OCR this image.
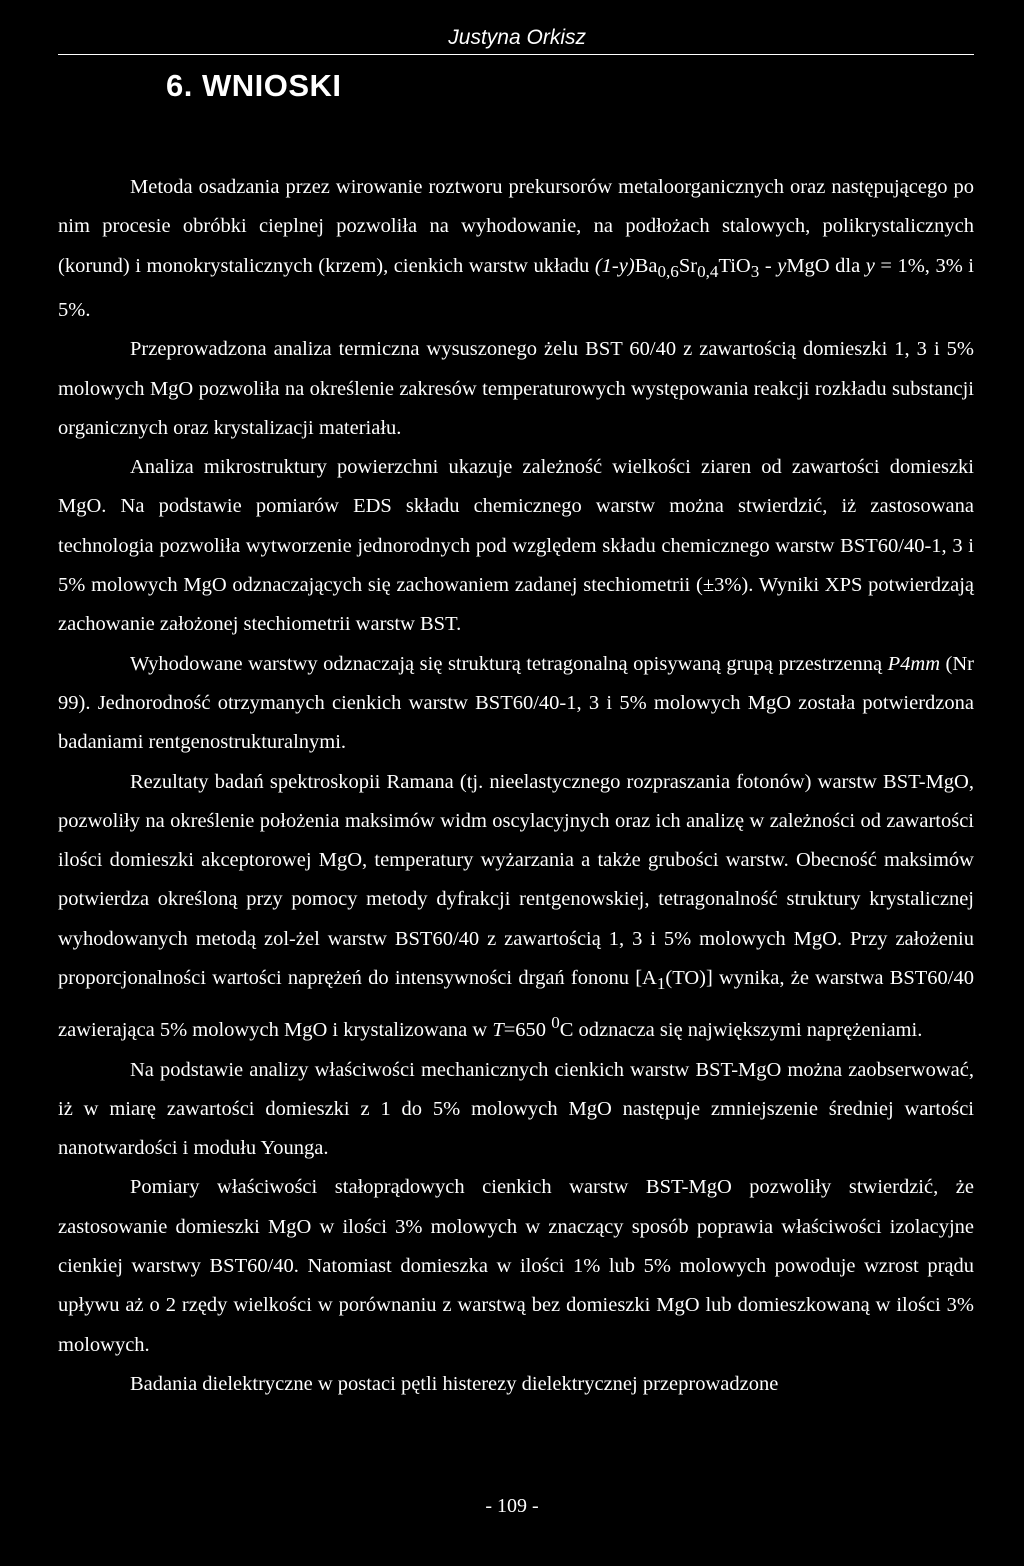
Justyna Orkisz
6. WNIOSKI

Metoda osadzania przez wirowanie roztworu prekursorów metaloorganicznych oraz następującego po nim procesie obróbki cieplnej pozwoliła na wyhodowanie, na podłożach stalowych, polikrystalicznych (korund) i monokrystalicznych (krzem), cienkich warstw układu $(1-y)Ba_{0,6}Sr_{0,4}TiO_3$ - yMgO dla y = 1%, 3% i 5%.

Przeprowadzona analiza termiczna wysuszonego żelu BST 60/40 z zawartością domieszki 1, 3 i 5% molowych MgO pozwoliła na określenie zakresów temperaturowych występowania reakcji rozkładu substancji organicznych oraz krystalizacji materiału.

Analiza mikrostruktury powierzchni ukazuje zależność wielkości ziaren od zawartości domieszki MgO. Na podstawie pomiarów EDS składu chemicznego warstw można stwierdzić, iż zastosowana technologia pozwoliła wytworzenie jednorodnych pod względem składu chemicznego warstw BST60/40-1, 3 i 5% molowych MgO odznaczających się zachowaniem zadanej stechiometrii (±3%). Wyniki XPS potwierdzają zachowanie założonej stechiometrii warstw BST.

Wyhodowane warstwy odznaczają się strukturą tetragonalną opisywaną grupą przestrzenną P4mm (Nr 99). Jednorodność otrzymanych cienkich warstw BST60/40-1, 3 i 5% molowych MgO została potwierdzona badaniami rentgenostrukturalnymi.

Rezultaty badań spektroskopii Ramana (tj. nieelastycznego rozpraszania fotonów) warstw BST-MgO, pozwoliły na określenie położenia maksimów widm oscylacyjnych oraz ich analizę w zależności od zawartości ilości domieszki akceptorowej MgO, temperatury wyżarzania a także grubości warstw. Obecność maksimów potwierdza określoną przy pomocy metody dyfrakcji rentgenowskiej, tetragonalność struktury krystalicznej wyhodowanych metodą zol-żel warstw BST60/40 z zawartością 1, 3 i 5% molowych MgO. Przy założeniu proporcjonalności wartości naprężeń do intensywności drgań fononu $[A_1(TO)]$ wynika, że warstwa BST60/40 zawierająca 5% molowych MgO i krystalizowana w T=650 $^0$C odznacza się największymi naprężeniami.

Na podstawie analizy właściwości mechanicznych cienkich warstw BST-MgO można zaobserwować, iż w miarę zawartości domieszki z 1 do 5% molowych MgO następuje zmniejszenie średniej wartości nanotwardości i modułu Younga.

Pomiary właściwości stałoprądowych cienkich warstw BST-MgO pozwoliły stwierdzić, że zastosowanie domieszki MgO w ilości 3% molowych w znaczący sposób poprawia właściwości izolacyjne cienkiej warstwy BST60/40. Natomiast domieszka w ilości 1% lub 5% molowych powoduje wzrost prądu upływu aż o 2 rzędy wielkości w porównaniu z warstwą bez domieszki MgO lub domieszkowaną w ilości 3% molowych.

Badania dielektryczne w postaci pętli histerezy dielektrycznej przeprowadzone

- 109 -
